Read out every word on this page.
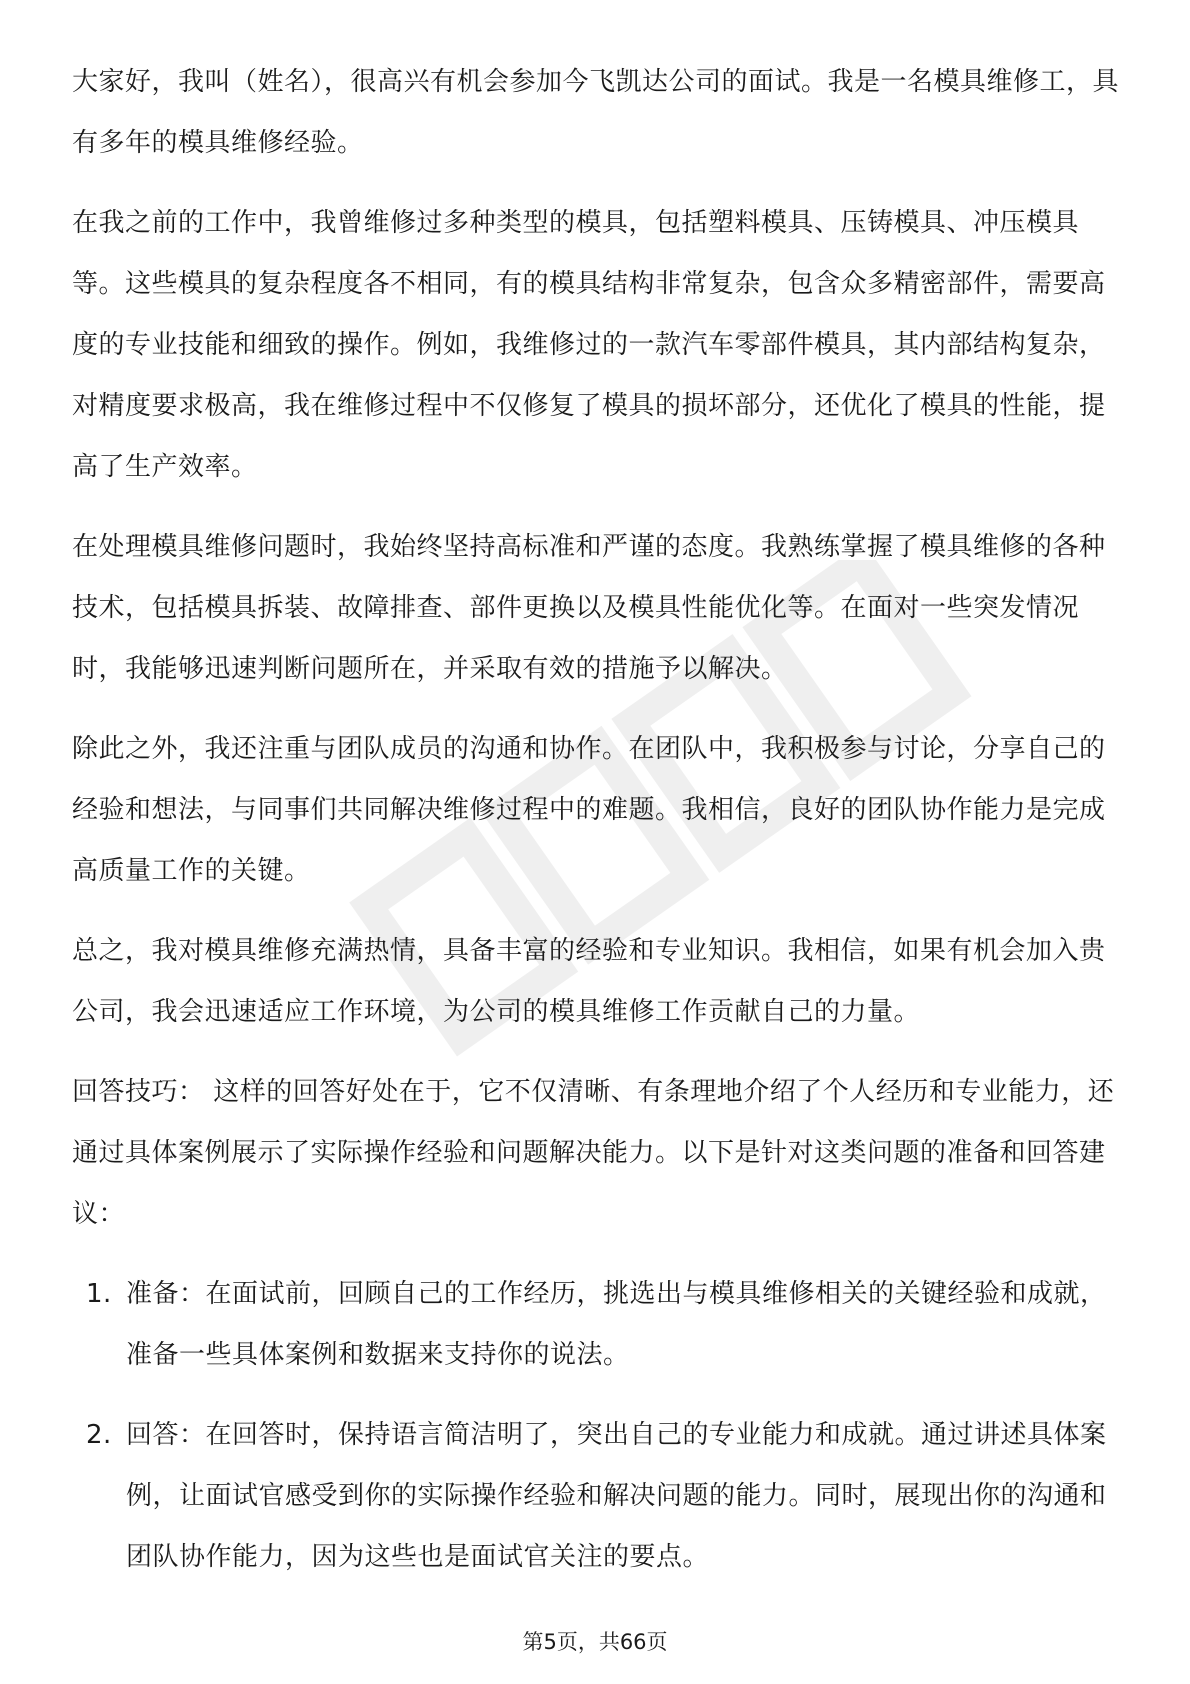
大家好，我叫（姓名），很高兴有机会参加今飞凯达公司的面试。我是一名模具维修工，具有多年的模具维修经验。

在我之前的工作中，我曾维修过多种类型的模具，包括塑料模具、压铸模具、冲压模具等。这些模具的复杂程度各不相同，有的模具结构非常复杂，包含众多精密部件，需要高度的专业技能和细致的操作。例如，我维修过的一款汽车零部件模具，其内部结构复杂，对精度要求极高，我在维修过程中不仅修复了模具的损坏部分，还优化了模具的性能，提高了生产效率。

在处理模具维修问题时，我始终坚持高标准和严谨的态度。我熟练掌握了模具维修的各种技术，包括模具拆装、故障排查、部件更换以及模具性能优化等。在面对一些突发情况时，我能够迅速判断问题所在，并采取有效的措施予以解决。

除此之外，我还注重与团队成员的沟通和协作。在团队中，我积极参与讨论，分享自己的经验和想法，与同事们共同解决维修过程中的难题。我相信，良好的团队协作能力是完成高质量工作的关键。

总之，我对模具维修充满热情，具备丰富的经验和专业知识。我相信，如果有机会加入贵公司，我会迅速适应工作环境，为公司的模具维修工作贡献自己的力量。

回答技巧： 这样的回答好处在于，它不仅清晰、有条理地介绍了个人经历和专业能力，还通过具体案例展示了实际操作经验和问题解决能力。以下是针对这类问题的准备和回答建议：

1. 准备：在面试前，回顾自己的工作经历，挑选出与模具维修相关的关键经验和成就，准备一些具体案例和数据来支持你的说法。
2. 回答：在回答时，保持语言简洁明了，突出自己的专业能力和成就。通过讲述具体案例，让面试官感受到你的实际操作经验和解决问题的能力。同时，展现出你的沟通和团队协作能力，因为这些也是面试官关注的要点。
第5页，共66页
